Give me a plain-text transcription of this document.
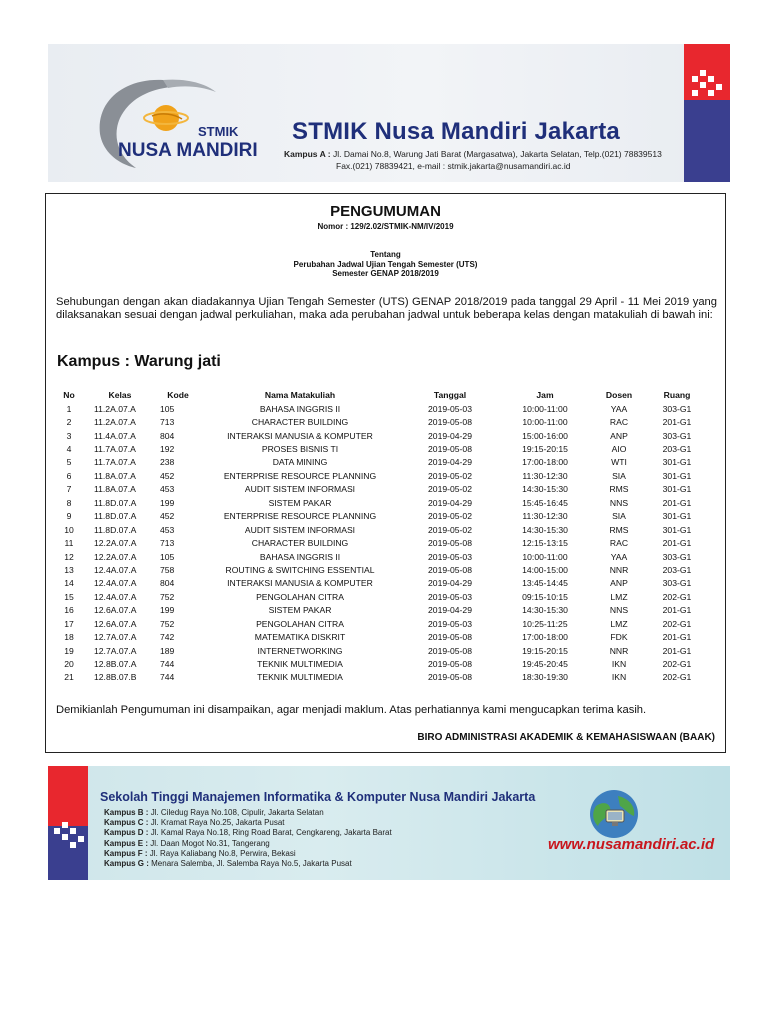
STMIK
NUSA MANDIRI
STMIK Nusa Mandiri Jakarta
Kampus A : Jl. Damai No.8, Warung Jati Barat (Margasatwa), Jakarta Selatan, Telp.(021) 78839513
Fax.(021) 78839421, e-mail : stmik.jakarta@nusamandiri.ac.id
PENGUMUMAN
Nomor : 129/2.02/STMIK-NM/IV/2019
Tentang
Perubahan Jadwal Ujian Tengah Semester (UTS)
Semester GENAP 2018/2019
Sehubungan dengan akan diadakannya Ujian Tengah Semester (UTS) GENAP 2018/2019 pada tanggal 29 April - 11 Mei 2019 yang dilaksanakan sesuai dengan jadwal perkuliahan, maka ada perubahan jadwal untuk beberapa kelas dengan matakuliah di bawah ini:
Kampus : Warung jati
No	Kelas	Kode	Nama Matakuliah	Tanggal	Jam	Dosen	Ruang
1	11.2A.07.A	105	BAHASA INGGRIS II	2019-05-03	10:00-11:00	YAA	303-G1
2	11.2A.07.A	713	CHARACTER BUILDING	2019-05-08	10:00-11:00	RAC	201-G1
3	11.4A.07.A	804	INTERAKSI MANUSIA & KOMPUTER	2019-04-29	15:00-16:00	ANP	303-G1
4	11.7A.07.A	192	PROSES BISNIS TI	2019-05-08	19:15-20:15	AIO	203-G1
5	11.7A.07.A	238	DATA MINING	2019-04-29	17:00-18:00	WTI	301-G1
6	11.8A.07.A	452	ENTERPRISE RESOURCE PLANNING	2019-05-02	11:30-12:30	SIA	301-G1
7	11.8A.07.A	453	AUDIT SISTEM INFORMASI	2019-05-02	14:30-15:30	RMS	301-G1
8	11.8D.07.A	199	SISTEM PAKAR	2019-04-29	15:45-16:45	NNS	201-G1
9	11.8D.07.A	452	ENTERPRISE RESOURCE PLANNING	2019-05-02	11:30-12:30	SIA	301-G1
10	11.8D.07.A	453	AUDIT SISTEM INFORMASI	2019-05-02	14:30-15:30	RMS	301-G1
11	12.2A.07.A	713	CHARACTER BUILDING	2019-05-08	12:15-13:15	RAC	201-G1
12	12.2A.07.A	105	BAHASA INGGRIS II	2019-05-03	10:00-11:00	YAA	303-G1
13	12.4A.07.A	758	ROUTING & SWITCHING ESSENTIAL	2019-05-08	14:00-15:00	NNR	203-G1
14	12.4A.07.A	804	INTERAKSI MANUSIA & KOMPUTER	2019-04-29	13:45-14:45	ANP	303-G1
15	12.4A.07.A	752	PENGOLAHAN CITRA	2019-05-03	09:15-10:15	LMZ	202-G1
16	12.6A.07.A	199	SISTEM PAKAR	2019-04-29	14:30-15:30	NNS	201-G1
17	12.6A.07.A	752	PENGOLAHAN CITRA	2019-05-03	10:25-11:25	LMZ	202-G1
18	12.7A.07.A	742	MATEMATIKA DISKRIT	2019-05-08	17:00-18:00	FDK	201-G1
19	12.7A.07.A	189	INTERNETWORKING	2019-05-08	19:15-20:15	NNR	201-G1
20	12.8B.07.A	744	TEKNIK MULTIMEDIA	2019-05-08	19:45-20:45	IKN	202-G1
21	12.8B.07.B	744	TEKNIK MULTIMEDIA	2019-05-08	18:30-19:30	IKN	202-G1
Demikianlah Pengumuman ini disampaikan, agar menjadi maklum. Atas perhatiannya kami mengucapkan terima kasih.
BIRO ADMINISTRASI AKADEMIK & KEMAHASISWAAN (BAAK)
Sekolah Tinggi Manajemen Informatika & Komputer Nusa Mandiri Jakarta
Kampus B : Jl. Ciledug Raya No.108, Cipulir, Jakarta Selatan
Kampus C : Jl. Kramat Raya No.25, Jakarta Pusat
Kampus D : Jl. Kamal Raya No.18, Ring Road Barat, Cengkareng, Jakarta Barat
Kampus E : Jl. Daan Mogot No.31, Tangerang
Kampus F : Jl. Raya Kaliabang No.8, Perwira, Bekasi
Kampus G : Menara Salemba, Jl. Salemba Raya No.5, Jakarta Pusat
www.nusamandiri.ac.id
